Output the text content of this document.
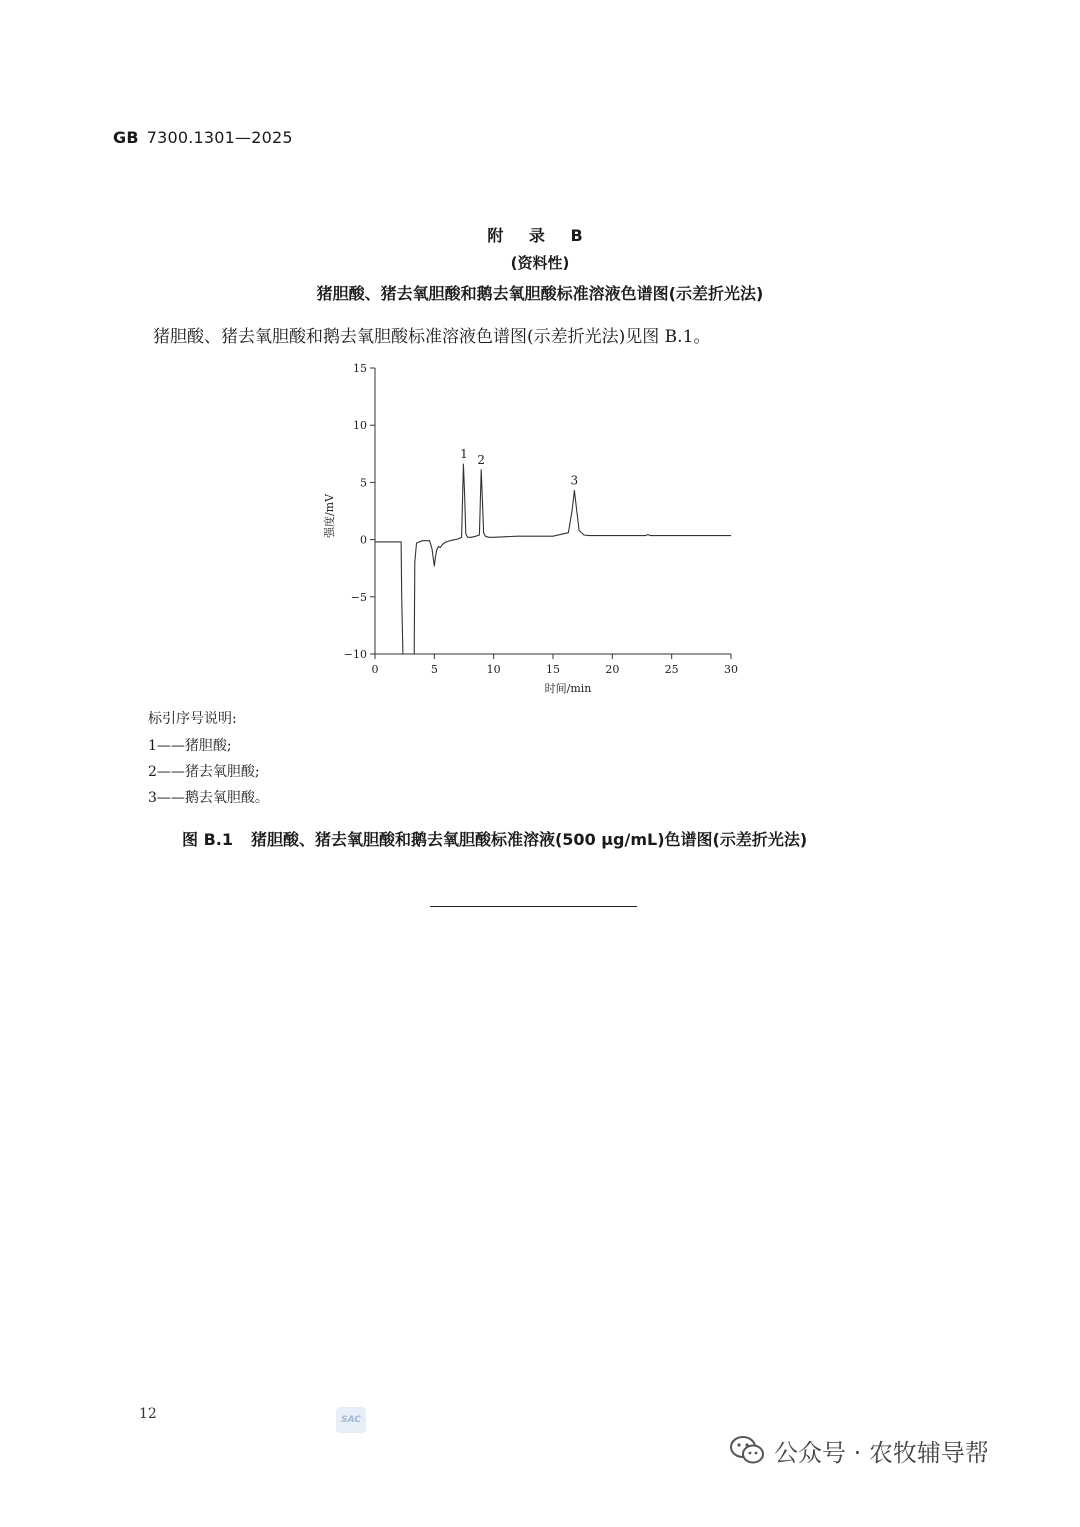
GB 7300.1301—2025
附 录 B
(资料性)
猪胆酸、猪去氧胆酸和鹅去氧胆酸标准溶液色谱图(示差折光法)
猪胆酸、猪去氧胆酸和鹅去氧胆酸标准溶液色谱图(示差折光法)见图 B.1。
15
10
5
0
−5
−10
0	5	10	15	20	25	30
时间/min
强度/mV
1 2
3
标引序号说明:
1——猪胆酸;
2——猪去氧胆酸;
3——鹅去氧胆酸。
图 B.1 猪胆酸、猪去氧胆酸和鹅去氧胆酸标准溶液(500 μg/mL)色谱图(示差折光法)
12	SAC
公众号 · 农牧辅导帮
